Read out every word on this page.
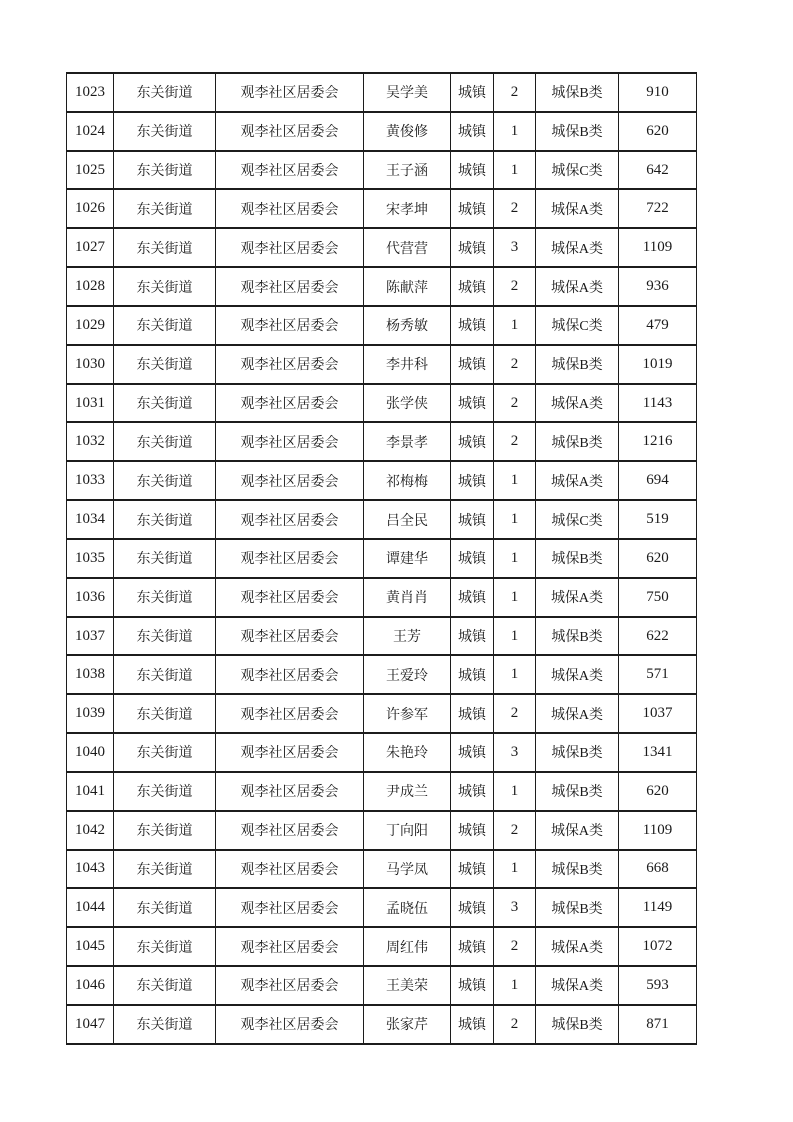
1023	东关街道	观李社区居委会	吴学美	城镇	2	城保B类	910
1024	东关街道	观李社区居委会	黄俊修	城镇	1	城保B类	620
1025	东关街道	观李社区居委会	王子涵	城镇	1	城保C类	642
1026	东关街道	观李社区居委会	宋孝坤	城镇	2	城保A类	722
1027	东关街道	观李社区居委会	代营营	城镇	3	城保A类	1109
1028	东关街道	观李社区居委会	陈献萍	城镇	2	城保A类	936
1029	东关街道	观李社区居委会	杨秀敏	城镇	1	城保C类	479
1030	东关街道	观李社区居委会	李井科	城镇	2	城保B类	1019
1031	东关街道	观李社区居委会	张学侠	城镇	2	城保A类	1143
1032	东关街道	观李社区居委会	李景孝	城镇	2	城保B类	1216
1033	东关街道	观李社区居委会	祁梅梅	城镇	1	城保A类	694
1034	东关街道	观李社区居委会	吕全民	城镇	1	城保C类	519
1035	东关街道	观李社区居委会	谭建华	城镇	1	城保B类	620
1036	东关街道	观李社区居委会	黄肖肖	城镇	1	城保A类	750
1037	东关街道	观李社区居委会	王芳	城镇	1	城保B类	622
1038	东关街道	观李社区居委会	王爱玲	城镇	1	城保A类	571
1039	东关街道	观李社区居委会	许参军	城镇	2	城保A类	1037
1040	东关街道	观李社区居委会	朱艳玲	城镇	3	城保B类	1341
1041	东关街道	观李社区居委会	尹成兰	城镇	1	城保B类	620
1042	东关街道	观李社区居委会	丁向阳	城镇	2	城保A类	1109
1043	东关街道	观李社区居委会	马学凤	城镇	1	城保B类	668
1044	东关街道	观李社区居委会	孟晓伍	城镇	3	城保B类	1149
1045	东关街道	观李社区居委会	周红伟	城镇	2	城保A类	1072
1046	东关街道	观李社区居委会	王美荣	城镇	1	城保A类	593
1047	东关街道	观李社区居委会	张家芹	城镇	2	城保B类	871
